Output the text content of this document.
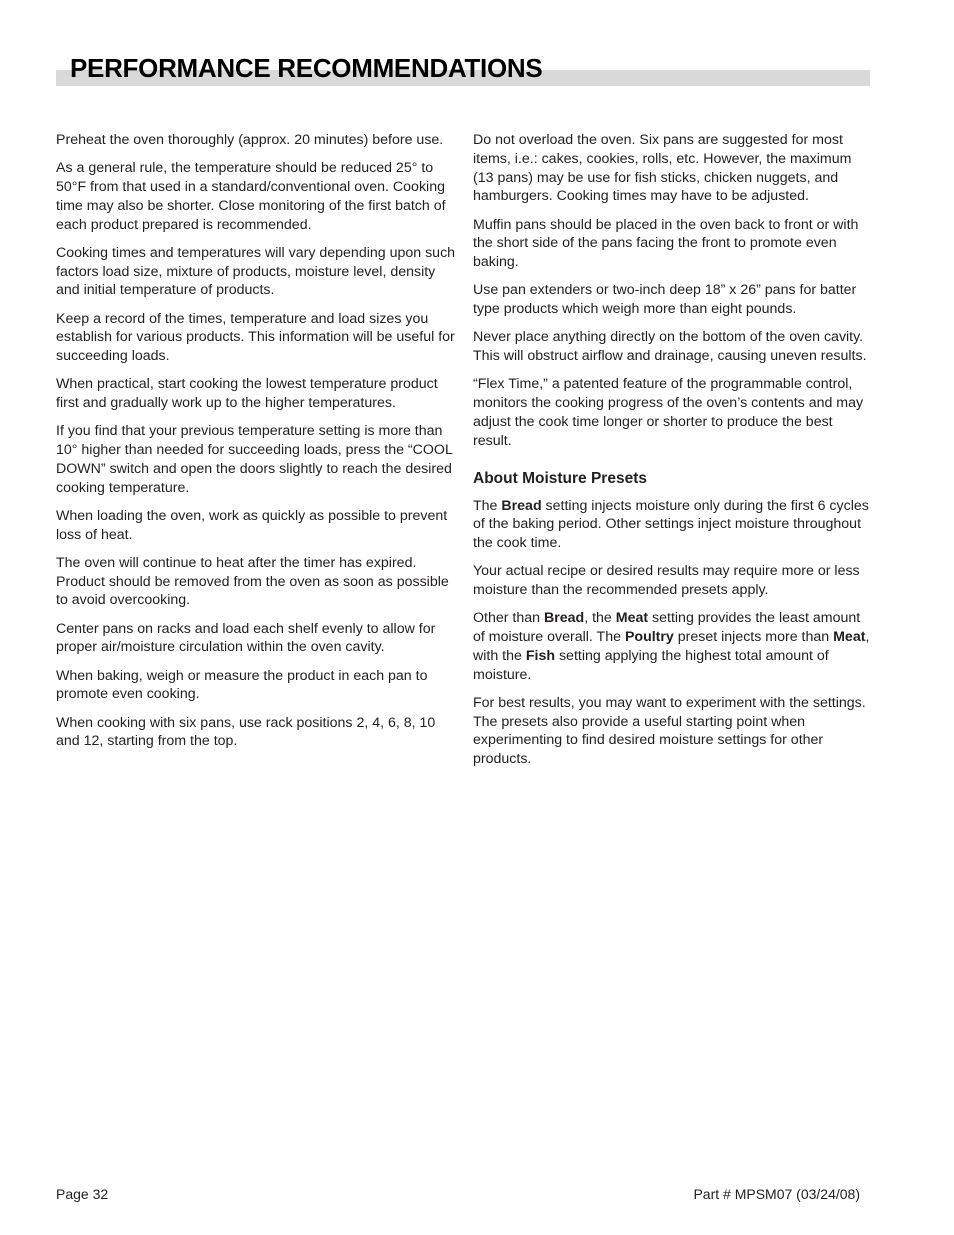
PERFORMANCE RECOMMENDATIONS

Preheat the oven thoroughly (approx. 20 minutes) before use.

As a general rule, the temperature should be reduced 25° to 50°F from that used in a standard/conventional oven. Cooking time may also be shorter. Close monitoring of the first batch of each product prepared is recommended.

Cooking times and temperatures will vary depending upon such factors load size, mixture of products, moisture level, density and initial temperature of products.

Keep a record of the times, temperature and load sizes you establish for various products. This information will be useful for succeeding loads.

When practical, start cooking the lowest temperature product first and gradually work up to the higher temperatures.

If you find that your previous temperature setting is more than 10° higher than needed for succeeding loads, press the “COOL DOWN” switch and open the doors slightly to reach the desired cooking temperature.

When loading the oven, work as quickly as possible to prevent loss of heat.

The oven will continue to heat after the timer has expired. Product should be removed from the oven as soon as possible to avoid overcooking.

Center pans on racks and load each shelf evenly to allow for proper air/moisture circulation within the oven cavity.

When baking, weigh or measure the product in each pan to promote even cooking.

When cooking with six pans, use rack positions 2, 4, 6, 8, 10 and 12, starting from the top.

Do not overload the oven. Six pans are suggested for most items, i.e.: cakes, cookies, rolls, etc. However, the maximum (13 pans) may be use for fish sticks, chicken nuggets, and hamburgers. Cooking times may have to be adjusted.

Muffin pans should be placed in the oven back to front or with the short side of the pans facing the front to promote even baking.

Use pan extenders or two-inch deep 18” x 26” pans for batter type products which weigh more than eight pounds.

Never place anything directly on the bottom of the oven cavity. This will obstruct airflow and drainage, causing uneven results.

“Flex Time,” a patented feature of the programmable control, monitors the cooking progress of the oven’s contents and may adjust the cook time longer or shorter to produce the best result.

About Moisture Presets

The Bread setting injects moisture only during the first 6 cycles of the baking period. Other settings inject moisture throughout the cook time.

Your actual recipe or desired results may require more or less moisture than the recommended presets apply.

Other than Bread, the Meat setting provides the least amount of moisture overall. The Poultry preset injects more than Meat, with the Fish setting applying the highest total amount of moisture.

For best results, you may want to experiment with the settings. The presets also provide a useful starting point when experimenting to find desired moisture settings for other products.

Page 32	Part # MPSM07 (03/24/08)
